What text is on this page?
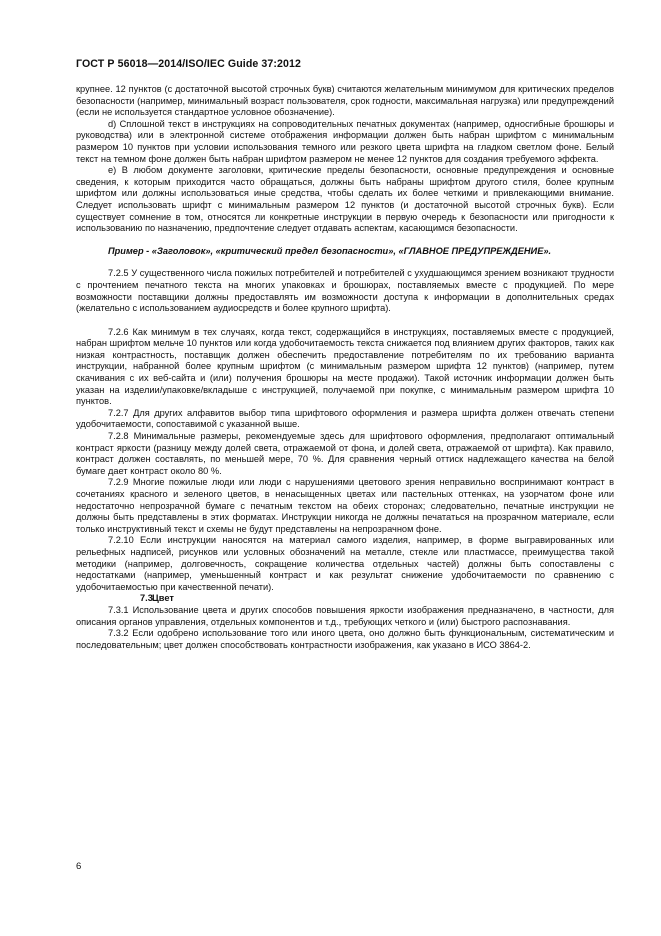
ГОСТ Р 56018—2014/ISO/IEC Guide 37:2012

крупнее. 12 пунктов (с достаточной высотой строчных букв) считаются желательным минимумом для критических пределов безопасности (например, минимальный возраст пользователя, срок годности, максимальная нагрузка) или предупреждений (если не используется стандартное условное обозначение).

d) Сплошной текст в инструкциях на сопроводительных печатных документах (например, односгибные брошюры и руководства) или в электронной системе отображения информации должен быть набран шрифтом с минимальным размером 10 пунктов при условии использования темного или резкого цвета шрифта на гладком светлом фоне. Белый текст на темном фоне должен быть набран шрифтом размером не менее 12 пунктов для создания требуемого эффекта.

e) В любом документе заголовки, критические пределы безопасности, основные предупреждения и основные сведения, к которым приходится часто обращаться, должны быть набраны шрифтом другого стиля, более крупным шрифтом или должны использоваться иные средства, чтобы сделать их более четкими и привлекающими внимание. Следует использовать шрифт с минимальным размером 12 пунктов (и достаточной высотой строчных букв). Если существует сомнение в том, относятся ли конкретные инструкции в первую очередь к безопасности или пригодности к использованию по назначению, предпочтение следует отдавать аспектам, касающимся безопасности.

Пример - «Заголовок», «критический предел безопасности», «ГЛАВНОЕ ПРЕДУПРЕЖДЕНИЕ».

7.2.5 У существенного числа пожилых потребителей и потребителей с ухудшающимся зрением возникают трудности с прочтением печатного текста на многих упаковках и брошюрах, поставляемых вместе с продукцией. По мере возможности поставщики должны предоставлять им возможности доступа к информации в дополнительных средах (желательно с использованием аудиосредств и более крупного шрифта).

7.2.6 Как минимум в тех случаях, когда текст, содержащийся в инструкциях, поставляемых вместе с продукцией, набран шрифтом мельче 10 пунктов или когда удобочитаемость текста снижается под влиянием других факторов, таких как низкая контрастность, поставщик должен обеспечить предоставление потребителям по их требованию варианта инструкции, набранной более крупным шрифтом (с минимальным размером шрифта 12 пунктов) (например, путем скачивания с их веб-сайта и (или) получения брошюры на месте продажи). Такой источник информации должен быть указан на изделии/упаковке/вкладыше с инструкцией, получаемой при покупке, с минимальным размером шрифта 10 пунктов.

7.2.7 Для других алфавитов выбор типа шрифтового оформления и размера шрифта должен отвечать степени удобочитаемости, сопоставимой с указанной выше.

7.2.8 Минимальные размеры, рекомендуемые здесь для шрифтового оформления, предполагают оптимальный контраст яркости (разницу между долей света, отражаемой от фона, и долей света, отражаемой от шрифта). Как правило, контраст должен составлять, по меньшей мере, 70 %. Для сравнения черный оттиск надлежащего качества на белой бумаге дает контраст около 80 %.

7.2.9 Многие пожилые люди или люди с нарушениями цветового зрения неправильно воспринимают контраст в сочетаниях красного и зеленого цветов, в ненасыщенных цветах или пастельных оттенках, на узорчатом фоне или недостаточно непрозрачной бумаге с печатным текстом на обеих сторонах; следовательно, печатные инструкции не должны быть представлены в этих форматах. Инструкции никогда не должны печататься на прозрачном материале, если только инструктивный текст и схемы не будут представлены на непрозрачном фоне.

7.2.10 Если инструкции наносятся на материал самого изделия, например, в форме выгравированных или рельефных надписей, рисунков или условных обозначений на металле, стекле или пластмассе, преимущества такой методики (например, долговечность, сокращение количества отдельных частей) должны быть сопоставлены с недостатками (например, уменьшенный контраст и как результат снижение удобочитаемости по сравнению с удобочитаемостью при качественной печати).

7.3Цвет

7.3.1 Использование цвета и других способов повышения яркости изображения предназначено, в частности, для описания органов управления, отдельных компонентов и т.д., требующих четкого и (или) быстрого распознавания.

7.3.2 Если одобрено использование того или иного цвета, оно должно быть функциональным, систематическим и последовательным; цвет должен способствовать контрастности изображения, как указано в ИСО 3864-2.

6
